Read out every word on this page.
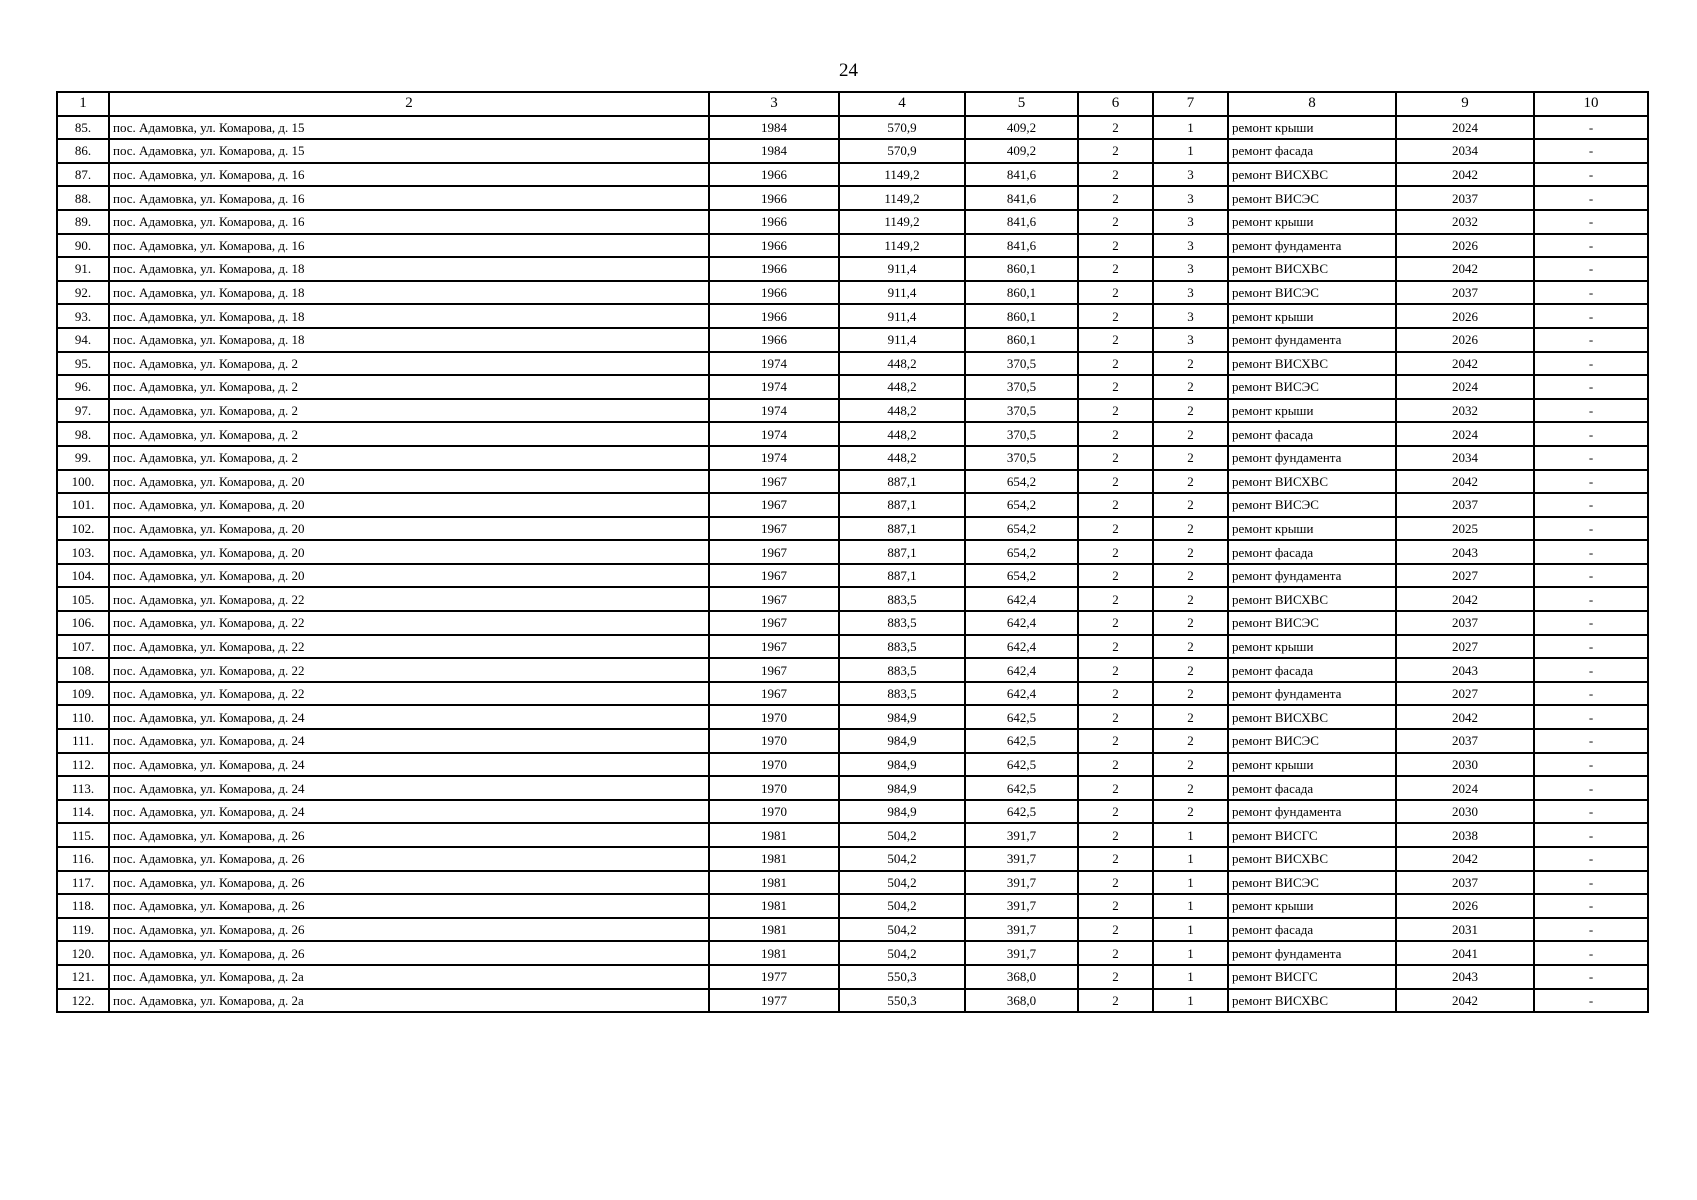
24
1	2	3	4	5	6	7	8	9	10
85.	пос. Адамовка, ул. Комарова, д. 15	1984	570,9	409,2	2	1	ремонт крыши	2024	-
86.	пос. Адамовка, ул. Комарова, д. 15	1984	570,9	409,2	2	1	ремонт фасада	2034	-
87.	пос. Адамовка, ул. Комарова, д. 16	1966	1149,2	841,6	2	3	ремонт ВИСХВС	2042	-
88.	пос. Адамовка, ул. Комарова, д. 16	1966	1149,2	841,6	2	3	ремонт ВИСЭС	2037	-
89.	пос. Адамовка, ул. Комарова, д. 16	1966	1149,2	841,6	2	3	ремонт крыши	2032	-
90.	пос. Адамовка, ул. Комарова, д. 16	1966	1149,2	841,6	2	3	ремонт фундамента	2026	-
91.	пос. Адамовка, ул. Комарова, д. 18	1966	911,4	860,1	2	3	ремонт ВИСХВС	2042	-
92.	пос. Адамовка, ул. Комарова, д. 18	1966	911,4	860,1	2	3	ремонт ВИСЭС	2037	-
93.	пос. Адамовка, ул. Комарова, д. 18	1966	911,4	860,1	2	3	ремонт крыши	2026	-
94.	пос. Адамовка, ул. Комарова, д. 18	1966	911,4	860,1	2	3	ремонт фундамента	2026	-
95.	пос. Адамовка, ул. Комарова, д. 2	1974	448,2	370,5	2	2	ремонт ВИСХВС	2042	-
96.	пос. Адамовка, ул. Комарова, д. 2	1974	448,2	370,5	2	2	ремонт ВИСЭС	2024	-
97.	пос. Адамовка, ул. Комарова, д. 2	1974	448,2	370,5	2	2	ремонт крыши	2032	-
98.	пос. Адамовка, ул. Комарова, д. 2	1974	448,2	370,5	2	2	ремонт фасада	2024	-
99.	пос. Адамовка, ул. Комарова, д. 2	1974	448,2	370,5	2	2	ремонт фундамента	2034	-
100.	пос. Адамовка, ул. Комарова, д. 20	1967	887,1	654,2	2	2	ремонт ВИСХВС	2042	-
101.	пос. Адамовка, ул. Комарова, д. 20	1967	887,1	654,2	2	2	ремонт ВИСЭС	2037	-
102.	пос. Адамовка, ул. Комарова, д. 20	1967	887,1	654,2	2	2	ремонт крыши	2025	-
103.	пос. Адамовка, ул. Комарова, д. 20	1967	887,1	654,2	2	2	ремонт фасада	2043	-
104.	пос. Адамовка, ул. Комарова, д. 20	1967	887,1	654,2	2	2	ремонт фундамента	2027	-
105.	пос. Адамовка, ул. Комарова, д. 22	1967	883,5	642,4	2	2	ремонт ВИСХВС	2042	-
106.	пос. Адамовка, ул. Комарова, д. 22	1967	883,5	642,4	2	2	ремонт ВИСЭС	2037	-
107.	пос. Адамовка, ул. Комарова, д. 22	1967	883,5	642,4	2	2	ремонт крыши	2027	-
108.	пос. Адамовка, ул. Комарова, д. 22	1967	883,5	642,4	2	2	ремонт фасада	2043	-
109.	пос. Адамовка, ул. Комарова, д. 22	1967	883,5	642,4	2	2	ремонт фундамента	2027	-
110.	пос. Адамовка, ул. Комарова, д. 24	1970	984,9	642,5	2	2	ремонт ВИСХВС	2042	-
111.	пос. Адамовка, ул. Комарова, д. 24	1970	984,9	642,5	2	2	ремонт ВИСЭС	2037	-
112.	пос. Адамовка, ул. Комарова, д. 24	1970	984,9	642,5	2	2	ремонт крыши	2030	-
113.	пос. Адамовка, ул. Комарова, д. 24	1970	984,9	642,5	2	2	ремонт фасада	2024	-
114.	пос. Адамовка, ул. Комарова, д. 24	1970	984,9	642,5	2	2	ремонт фундамента	2030	-
115.	пос. Адамовка, ул. Комарова, д. 26	1981	504,2	391,7	2	1	ремонт ВИСГС	2038	-
116.	пос. Адамовка, ул. Комарова, д. 26	1981	504,2	391,7	2	1	ремонт ВИСХВС	2042	-
117.	пос. Адамовка, ул. Комарова, д. 26	1981	504,2	391,7	2	1	ремонт ВИСЭС	2037	-
118.	пос. Адамовка, ул. Комарова, д. 26	1981	504,2	391,7	2	1	ремонт крыши	2026	-
119.	пос. Адамовка, ул. Комарова, д. 26	1981	504,2	391,7	2	1	ремонт фасада	2031	-
120.	пос. Адамовка, ул. Комарова, д. 26	1981	504,2	391,7	2	1	ремонт фундамента	2041	-
121.	пос. Адамовка, ул. Комарова, д. 2а	1977	550,3	368,0	2	1	ремонт ВИСГС	2043	-
122.	пос. Адамовка, ул. Комарова, д. 2а	1977	550,3	368,0	2	1	ремонт ВИСХВС	2042	-
